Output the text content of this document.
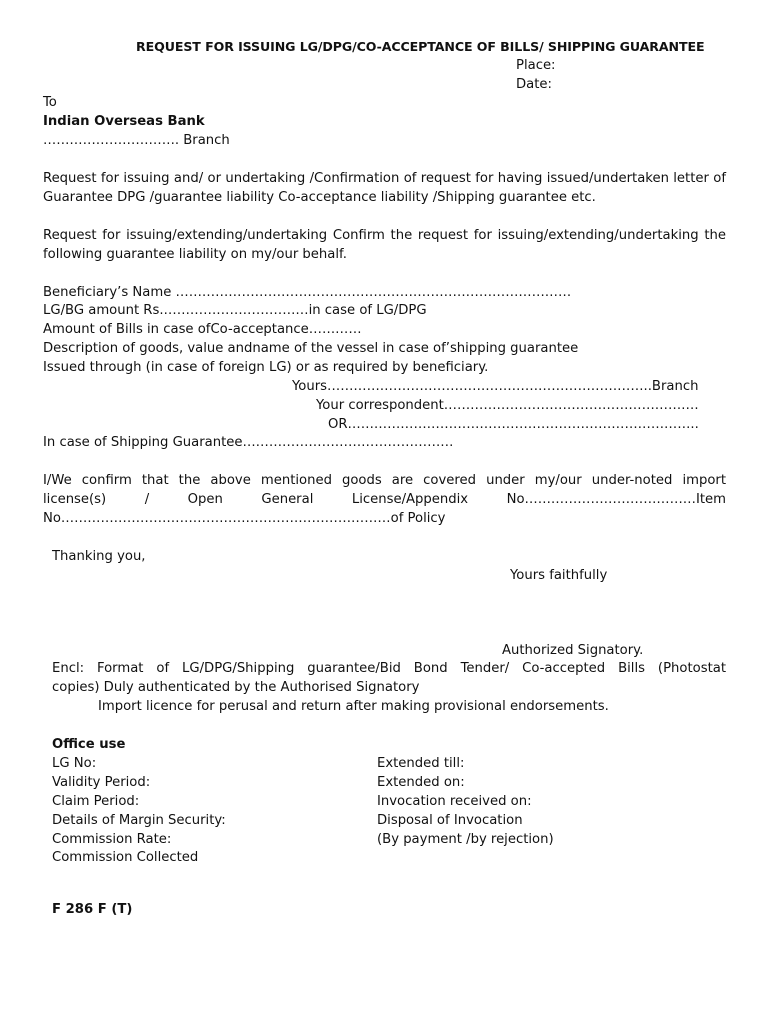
REQUEST FOR ISSUING LG/DPG/CO-ACCEPTANCE OF BILLS/ SHIPPING GUARANTEE
Place:
Date:
To
Indian Overseas Bank
…………………………. Branch
Request for issuing and/ or undertaking /Confirmation of request for having issued/undertaken letter of Guarantee DPG /guarantee liability Co-acceptance liability /Shipping guarantee etc.
Request for issuing/extending/undertaking Confirm the request for issuing/extending/undertaking the following guarantee liability on my/our behalf.
Beneficiary’s Name ………………………………………………………………………………
LG/BG amount Rs.……………………………in case of LG/DPG
Amount of Bills in case ofCo-acceptance…………
Description of goods, value andname of the vessel in case of’shipping guarantee
Issued through (in case of foreign LG) or as required by beneficiary.
Yours………………………………………………………………..Branch
Your correspondent………………………………………………….
OR……………………………………………………………………..
In case of Shipping Guarantee…………………………………………
I/We confirm that the above mentioned goods are covered under my/our under-noted import
license(s) / Open General License/Appendix No…………………………………Item
No…………………………………………………………………of Policy
Thanking you,
Yours faithfully
Authorized Signatory.
Encl: Format of LG/DPG/Shipping guarantee/Bid Bond Tender/ Co-accepted Bills (Photostat
copies) Duly authenticated by the Authorised Signatory
Import licence for perusal and return after making provisional endorsements.
Office use
LG No:
Validity Period:
Claim Period:
Details of Margin Security:
Commission Rate:
Commission Collected
Extended till:
Extended on:
Invocation received on:
Disposal of Invocation
(By payment /by rejection)
F 286 F (T)
